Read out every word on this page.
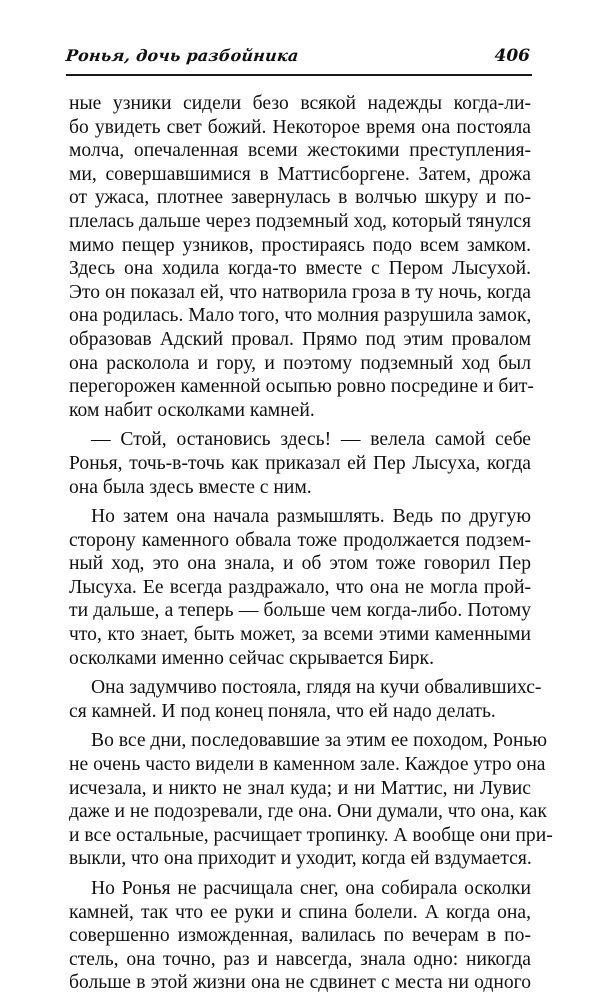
Ронья, дочь разбойника	406
ные узники сидели безо всякой надежды когда-ли-
бо увидеть свет божий. Некоторое время она постояла
молча, опечаленная всеми жестокими преступления-
ми, совершавшимися в Маттисборгене. Затем, дрожа
от ужаса, плотнее завернулась в волчью шкуру и по-
плелась дальше через подземный ход, который тянулся
мимо пещер узников, простираясь подо всем замком.
Здесь она ходила когда-то вместе с Пером Лысухой.
Это он показал ей, что натворила гроза в ту ночь, когда
она родилась. Мало того, что молния разрушила замок,
образовав Адский провал. Прямо под этим провалом
она расколола и гору, и поэтому подземный ход был
перегорожен каменной осыпью ровно посредине и бит-
ком набит осколками камней.
— Стой, остановись здесь! — велела самой себе
Ронья, точь-в-точь как приказал ей Пер Лысуха, когда
она была здесь вместе с ним.
Но затем она начала размышлять. Ведь по другую
сторону каменного обвала тоже продолжается подзем-
ный ход, это она знала, и об этом тоже говорил Пер
Лысуха. Ее всегда раздражало, что она не могла прой-
ти дальше, а теперь — больше чем когда-либо. Потому
что, кто знает, быть может, за всеми этими каменными
осколками именно сейчас скрывается Бирк.
Она задумчиво постояла, глядя на кучи обвалившихс-
ся камней. И под конец поняла, что ей надо делать.
Во все дни, последовавшие за этим ее походом, Ронью
не очень часто видели в каменном зале. Каждое утро она
исчезала, и никто не знал куда; и ни Маттис, ни Лувис
даже и не подозревали, где она. Они думали, что она, как
и все остальные, расчищает тропинку. А вообще они при-
выкли, что она приходит и уходит, когда ей вздумается.
Но Ронья не расчищала снег, она собирала осколки
камней, так что ее руки и спина болели. А когда она,
совершенно изможденная, валилась по вечерам в по-
стель, она точно, раз и навсегда, знала одно: никогда
больше в этой жизни она не сдвинет с места ни одного
